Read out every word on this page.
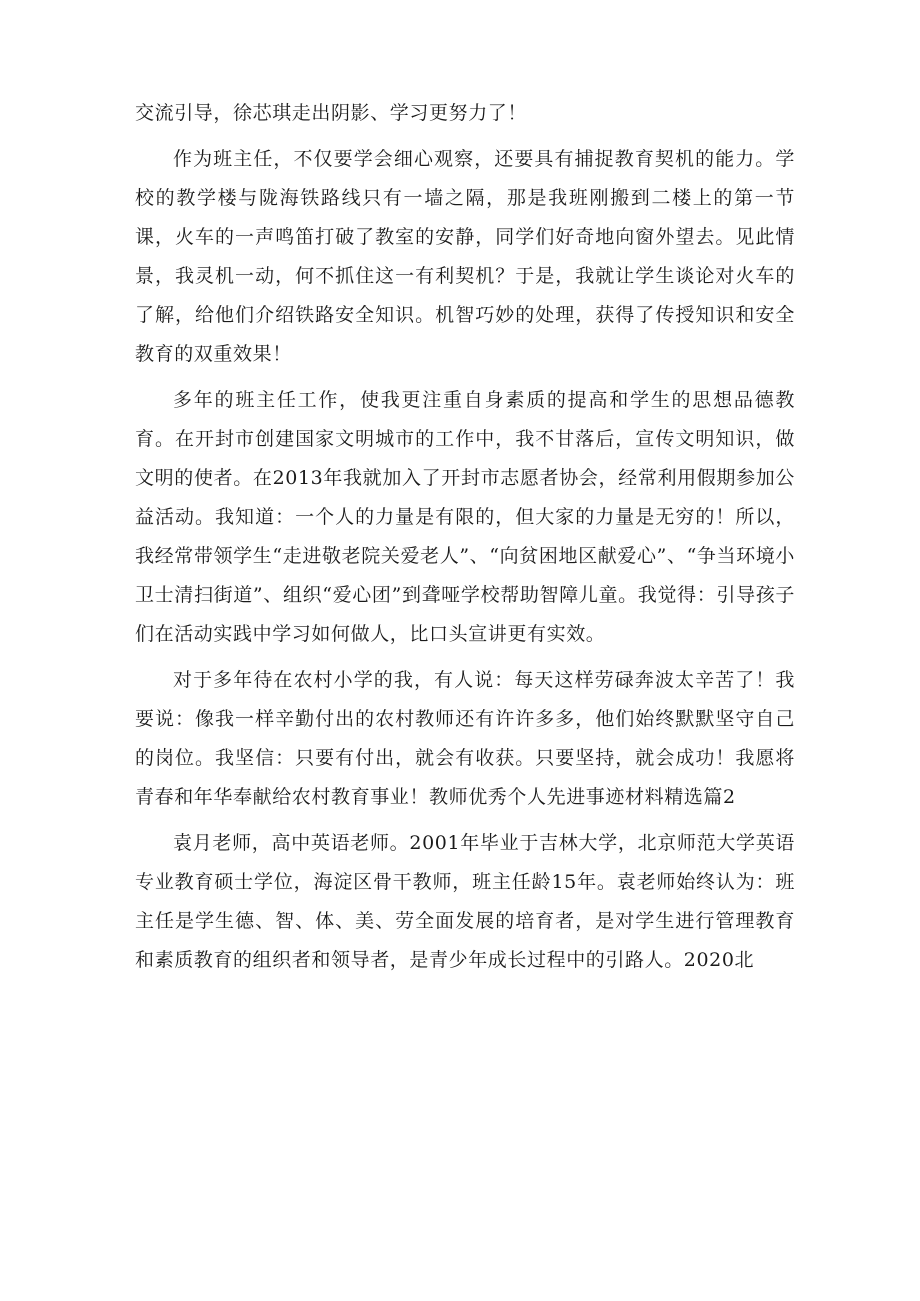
交流引导，徐芯琪走出阴影、学习更努力了！

作为班主任，不仅要学会细心观察，还要具有捕捉教育契机的能力。学校的教学楼与陇海铁路线只有一墙之隔，那是我班刚搬到二楼上的第一节课，火车的一声鸣笛打破了教室的安静，同学们好奇地向窗外望去。见此情景，我灵机一动，何不抓住这一有利契机？于是，我就让学生谈论对火车的了解，给他们介绍铁路安全知识。机智巧妙的处理，获得了传授知识和安全教育的双重效果！

多年的班主任工作，使我更注重自身素质的提高和学生的思想品德教育。在开封市创建国家文明城市的工作中，我不甘落后，宣传文明知识，做文明的使者。在2013年我就加入了开封市志愿者协会，经常利用假期参加公益活动。我知道：一个人的力量是有限的，但大家的力量是无穷的！所以，我经常带领学生“走进敬老院关爱老人”、“向贫困地区献爱心”、“争当环境小卫士清扫街道”、组织“爱心团”到聋哑学校帮助智障儿童。我觉得：引导孩子们在活动实践中学习如何做人，比口头宣讲更有实效。

对于多年待在农村小学的我，有人说：每天这样劳碌奔波太辛苦了！我要说：像我一样辛勤付出的农村教师还有许许多多，他们始终默默坚守自己的岗位。我坚信：只要有付出，就会有收获。只要坚持，就会成功！我愿将青春和年华奉献给农村教育事业！教师优秀个人先进事迹材料精选篇2

袁月老师，高中英语老师。2001年毕业于吉林大学，北京师范大学英语专业教育硕士学位，海淀区骨干教师，班主任龄15年。袁老师始终认为：班主任是学生德、智、体、美、劳全面发展的培育者，是对学生进行管理教育和素质教育的组织者和领导者，是青少年成长过程中的引路人。2020北
